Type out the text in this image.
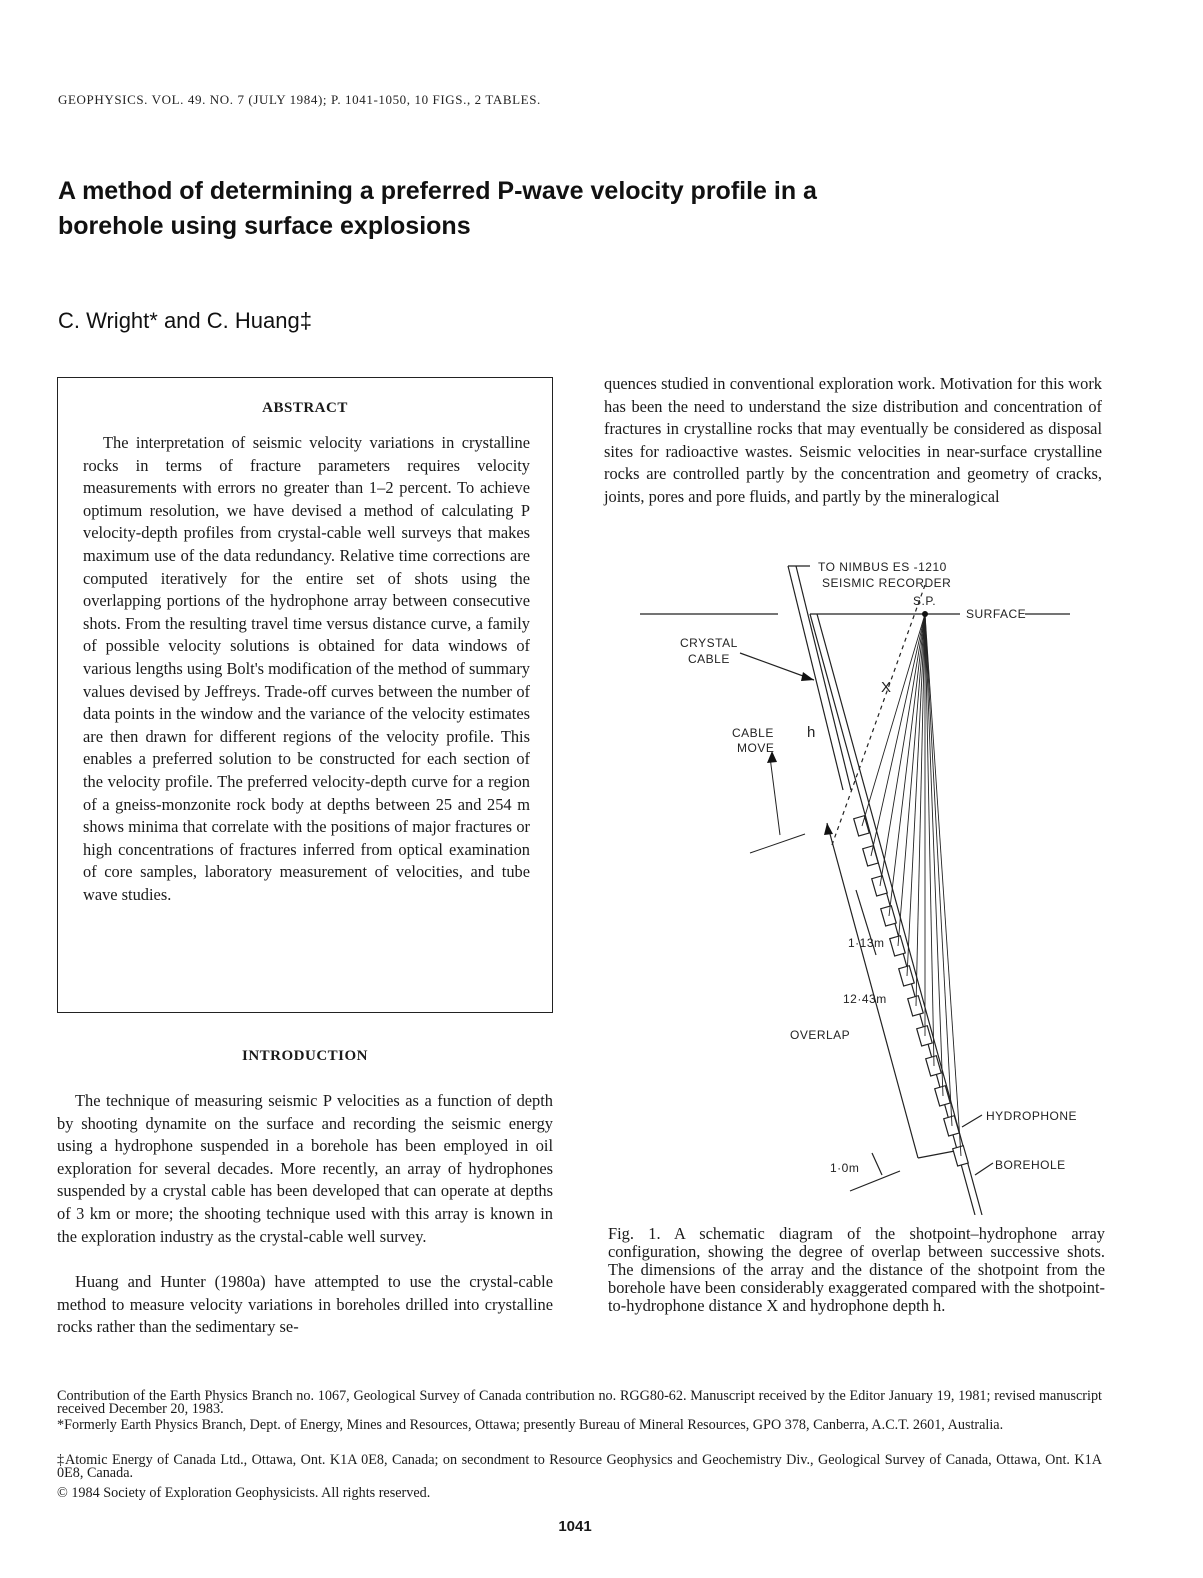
GEOPHYSICS. VOL. 49. NO. 7 (JULY 1984); P. 1041-1050, 10 FIGS., 2 TABLES.
A method of determining a preferred P-wave velocity profile in a borehole using surface explosions
C. Wright* and C. Huang‡
ABSTRACT

The interpretation of seismic velocity variations in crystalline rocks in terms of fracture parameters requires velocity measurements with errors no greater than 1–2 percent. To achieve optimum resolution, we have devised a method of calculating P velocity-depth profiles from crystal-cable well surveys that makes maximum use of the data redundancy. Relative time corrections are computed iteratively for the entire set of shots using the overlapping portions of the hydrophone array between consecutive shots. From the resulting travel time versus distance curve, a family of possible velocity solutions is obtained for data windows of various lengths using Bolt's modification of the method of summary values devised by Jeffreys. Trade-off curves between the number of data points in the window and the variance of the velocity estimates are then drawn for different regions of the velocity profile. This enables a preferred solution to be constructed for each section of the velocity profile. The preferred velocity-depth curve for a region of a gneiss-monzonite rock body at depths between 25 and 254 m shows minima that correlate with the positions of major fractures or high concentrations of fractures inferred from optical examination of core samples, laboratory measurement of velocities, and tube wave studies.

INTRODUCTION

The technique of measuring seismic P velocities as a function of depth by shooting dynamite on the surface and recording the seismic energy using a hydrophone suspended in a borehole has been employed in oil exploration for several decades. More recently, an array of hydrophones suspended by a crystal cable has been developed that can operate at depths of 3 km or more; the shooting technique used with this array is known in the exploration industry as the crystal-cable well survey.

Huang and Hunter (1980a) have attempted to use the crystal-cable method to measure velocity variations in boreholes drilled into crystalline rocks rather than the sedimentary se-

quences studied in conventional exploration work. Motivation for this work has been the need to understand the size distribution and concentration of fractures in crystalline rocks that may eventually be considered as disposal sites for radioactive wastes. Seismic velocities in near-surface crystalline rocks are controlled partly by the concentration and geometry of cracks, joints, pores and pore fluids, and partly by the mineralogical

TO NIMBUS ES -1210
SEISMIC RECORDER
S.P.
SURFACE
CRYSTAL
CABLE
X
h
CABLE
MOVE
1·13m
12·43m
OVERLAP
HYDROPHONE
1·0m	BOREHOLE

Fig. 1. A schematic diagram of the shotpoint–hydrophone array configuration, showing the degree of overlap between successive shots. The dimensions of the array and the distance of the shotpoint from the borehole have been considerably exaggerated compared with the shotpoint-to-hydrophone distance X and hydrophone depth h.

Contribution of the Earth Physics Branch no. 1067, Geological Survey of Canada contribution no. RGG80-62. Manuscript received by the Editor January 19, 1981; revised manuscript received December 20, 1983.

*Formerly Earth Physics Branch, Dept. of Energy, Mines and Resources, Ottawa; presently Bureau of Mineral Resources, GPO 378, Canberra, A.C.T. 2601, Australia.

‡Atomic Energy of Canada Ltd., Ottawa, Ont. K1A 0E8, Canada; on secondment to Resource Geophysics and Geochemistry Div., Geological Survey of Canada, Ottawa, Ont. K1A 0E8, Canada.

© 1984 Society of Exploration Geophysicists. All rights reserved.

1041
